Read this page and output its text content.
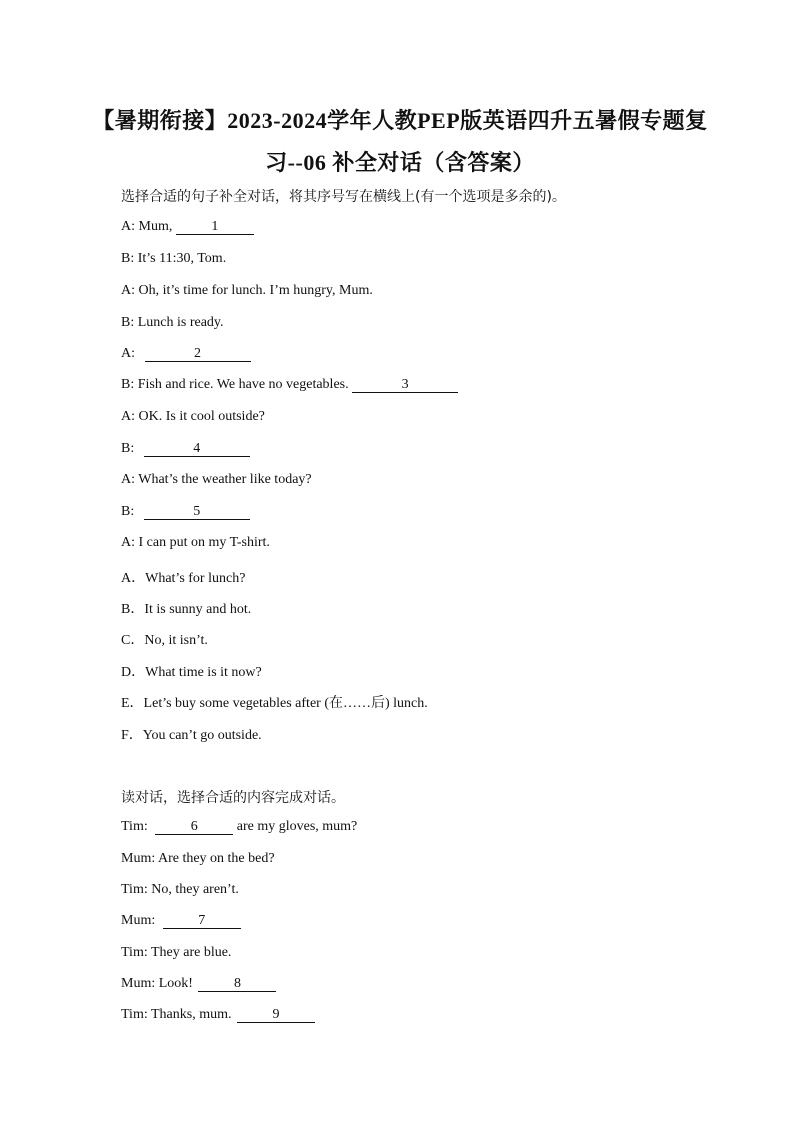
【暑期衔接】2023-2024学年人教PEP版英语四升五暑假专题复
习--06 补全对话（含答案）
选择合适的句子补全对话，将其序号写在横线上(有一个选项是多余的)。
A: Mum,	1
B: It’s 11:30, Tom.
A: Oh, it’s time for lunch. I’m hungry, Mum.
B: Lunch is ready.
A:	2
B: Fish and rice. We have no vegetables.	3
A: OK. Is it cool outside?
B:	4
A: What’s the weather like today?
B:	5
A: I can put on my T-shirt.
A．What’s for lunch?
B．It is sunny and hot.
C．No, it isn’t.
D．What time is it now?
E．Let’s buy some vegetables after (在……后) lunch.
F．You can’t go outside.
读对话，选择合适的内容完成对话。
Tim:	6	are my gloves, mum?
Mum: Are they on the bed?
Tim: No, they aren’t.
Mum:	7
Tim: They are blue.
Mum: Look!	8
Tim: Thanks, mum.	9
